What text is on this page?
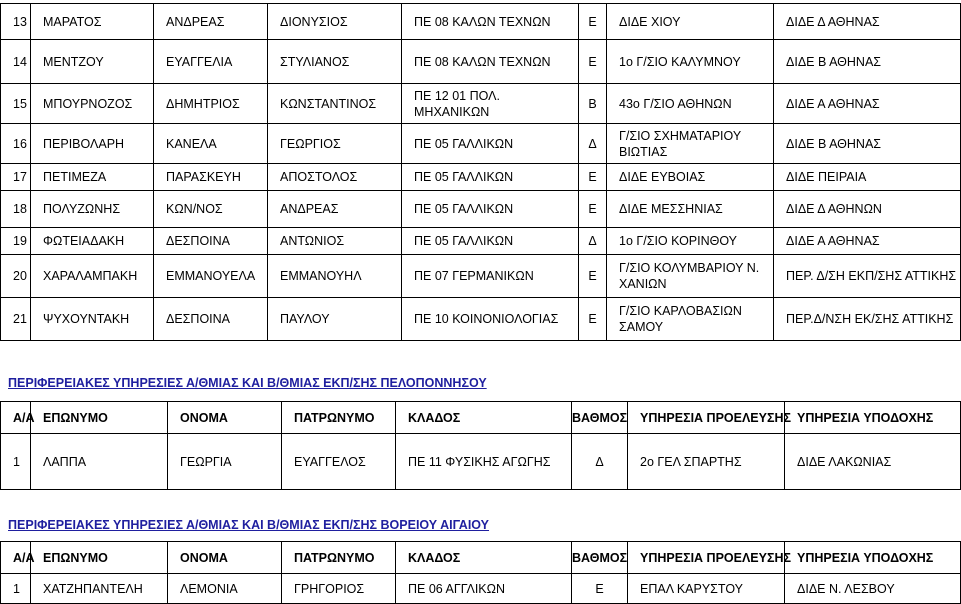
13	ΜΑΡΑΤΟΣ	ΑΝΔΡΕΑΣ	ΔΙΟΝΥΣΙΟΣ	ΠΕ 08 ΚΑΛΩΝ ΤΕΧΝΩΝ	Ε	ΔΙΔΕ ΧΙΟΥ	ΔΙΔΕ Δ ΑΘΗΝΑΣ
14	ΜΕΝΤΖΟΥ	ΕΥΑΓΓΕΛΙΑ	ΣΤΥΛΙΑΝΟΣ	ΠΕ 08 ΚΑΛΩΝ ΤΕΧΝΩΝ	Ε	1ο Γ/ΣΙΟ ΚΑΛΥΜΝΟΥ	ΔΙΔΕ Β ΑΘΗΝΑΣ
15	ΜΠΟΥΡΝΟΖΟΣ	ΔΗΜΗΤΡΙΟΣ	ΚΩΝΣΤΑΝΤΙΝΟΣ	ΠΕ 12 01 ΠΟΛ. ΜΗΧΑΝΙΚΩΝ	Β	43ο Γ/ΣΙΟ ΑΘΗΝΩΝ	ΔΙΔΕ Α ΑΘΗΝΑΣ
16	ΠΕΡΙΒΟΛΑΡΗ	ΚΑΝΕΛΑ	ΓΕΩΡΓΙΟΣ	ΠΕ 05 ΓΑΛΛΙΚΩΝ	Δ	Γ/ΣΙΟ ΣΧΗΜΑΤΑΡΙΟΥ ΒΙΩΤΙΑΣ	ΔΙΔΕ Β ΑΘΗΝΑΣ
17	ΠΕΤΙΜΕΖΑ	ΠΑΡΑΣΚΕΥΗ	ΑΠΟΣΤΟΛΟΣ	ΠΕ 05 ΓΑΛΛΙΚΩΝ	Ε	ΔΙΔΕ ΕΥΒΟΙΑΣ	ΔΙΔΕ ΠΕΙΡΑΙΑ
18	ΠΟΛΥΖΩΝΗΣ	ΚΩΝ/ΝΟΣ	ΑΝΔΡΕΑΣ	ΠΕ 05 ΓΑΛΛΙΚΩΝ	Ε	ΔΙΔΕ ΜΕΣΣΗΝΙΑΣ	ΔΙΔΕ Δ ΑΘΗΝΩΝ
19	ΦΩΤΕΙΑΔΑΚΗ	ΔΕΣΠΟΙΝΑ	ΑΝΤΩΝΙΟΣ	ΠΕ 05 ΓΑΛΛΙΚΩΝ	Δ	1ο Γ/ΣΙΟ ΚΟΡΙΝΘΟΥ	ΔΙΔΕ Α ΑΘΗΝΑΣ
20	ΧΑΡΑΛΑΜΠΑΚΗ	ΕΜΜΑΝΟΥΕΛΑ	ΕΜΜΑΝΟΥΗΛ	ΠΕ 07 ΓΕΡΜΑΝΙΚΩΝ	Ε	Γ/ΣΙΟ ΚΟΛΥΜΒΑΡΙΟΥ Ν. ΧΑΝΙΩΝ	ΠΕΡ. Δ/ΣΗ ΕΚΠ/ΣΗΣ ΑΤΤΙΚΗΣ
21	ΨΥΧΟΥΝΤΑΚΗ	ΔΕΣΠΟΙΝΑ	ΠΑΥΛΟΥ	ΠΕ 10 ΚΟΙΝΟΝΙΟΛΟΓΙΑΣ	Ε	Γ/ΣΙΟ ΚΑΡΛΟΒΑΣΙΩΝ ΣΑΜΟΥ	ΠΕΡ.Δ/ΝΣΗ ΕΚ/ΣΗΣ ΑΤΤΙΚΗΣ
ΠΕΡΙΦΕΡΕΙΑΚΕΣ ΥΠΗΡΕΣΙΕΣ Α/ΘΜΙΑΣ ΚΑΙ Β/ΘΜΙΑΣ ΕΚΠ/ΣΗΣ ΠΕΛΟΠΟΝΝΗΣΟΥ
Α/Α	ΕΠΩΝΥΜΟ	ΟΝΟΜΑ	ΠΑΤΡΩΝΥΜΟ	ΚΛΑΔΟΣ	ΒΑΘΜΟΣ	ΥΠΗΡΕΣΙΑ ΠΡΟΕΛΕΥΣΗΣ	ΥΠΗΡΕΣΙΑ ΥΠΟΔΟΧΗΣ
1	ΛΑΠΠΑ	ΓΕΩΡΓΙΑ	ΕΥΑΓΓΕΛΟΣ	ΠΕ 11 ΦΥΣΙΚΗΣ ΑΓΩΓΗΣ	Δ	2ο ΓΕΛ ΣΠΑΡΤΗΣ	ΔΙΔΕ ΛΑΚΩΝΙΑΣ
ΠΕΡΙΦΕΡΕΙΑΚΕΣ ΥΠΗΡΕΣΙΕΣ Α/ΘΜΙΑΣ ΚΑΙ Β/ΘΜΙΑΣ ΕΚΠ/ΣΗΣ ΒΟΡΕΙΟΥ ΑΙΓΑΙΟΥ
Α/Α	ΕΠΩΝΥΜΟ	ΟΝΟΜΑ	ΠΑΤΡΩΝΥΜΟ	ΚΛΑΔΟΣ	ΒΑΘΜΟΣ	ΥΠΗΡΕΣΙΑ ΠΡΟΕΛΕΥΣΗΣ	ΥΠΗΡΕΣΙΑ ΥΠΟΔΟΧΗΣ
1	ΧΑΤΖΗΠΑΝΤΕΛΗ	ΛΕΜΟΝΙΑ	ΓΡΗΓΟΡΙΟΣ	ΠΕ 06 ΑΓΓΛΙΚΩΝ	Ε	ΕΠΑΛ ΚΑΡΥΣΤΟΥ	ΔΙΔΕ Ν. ΛΕΣΒΟΥ
